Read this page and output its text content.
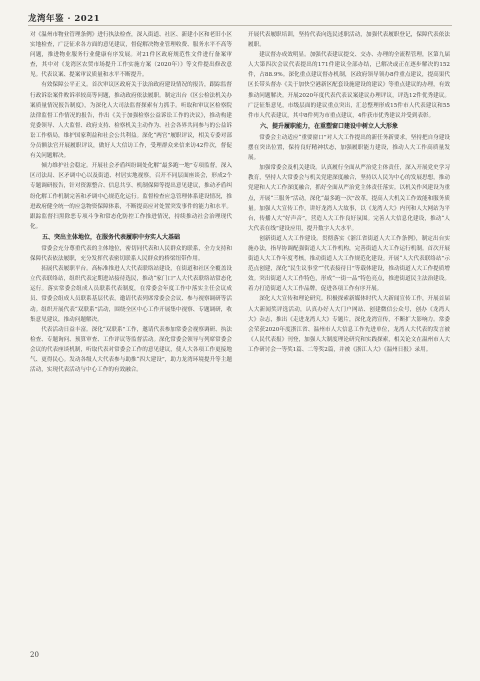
龙湾年鉴 · 2021

对《温州市物业管理条例》进行执法检查，深入街道、社区、新建小区和老旧小区实地检查，广泛征求各方面的意见建议，督促解决物业管理收费、服务水平不高等问题，推进物业服务行业健康有序发展。对21件区政府规范性文件进行备案审查，其中对《龙湾区农贸市场提升工作实施方案（2020年）》等文件提出修改意见。代表议案、提案审议质量和水平不断提升。

有效保障公平正义。首次审议区政府关于法治政府建设情况的报告，跟踪监督行政诉讼案件败诉率较高等问题，推动政府依法履职。制定出台《区公检法机关办案质量情况报告制度》，为深化人大司法监督探索有力抓手。听取和审议区检察院法律监督工作情况的报告，作出《关于加强检察公益诉讼工作的决议》，推动构建党委领导、人大监督、政府支持、检察机关主动作为、社会各界共同参与的公益诉讼工作格局，维护国家利益和社会公共利益。深化“两官”履职评议，相关专委对部分员额法官开展履职评议，做好人大信访工作，受理群众来信来访42件次，督促有关问题解决。

倾力维护社会稳定。开展社会矛盾纠纷调处化解“最多跑一地”专项监督，深入区司法局、区矛调中心以及街道、村居实地视察，召开不同层面座谈会，形成2个专题调研报告，针对资源整合、信息共享、机制保障等提出意见建议，推动矛盾纠纷化解工作机制完善和矛调中心规范化运行。监督检查应急管理体系建设情况，推进政府健全统一的应急物资保障体系，不断提高应对处置突发事件的能力和水平。跟踪监督扫黑除恶专项斗争和常态化防控工作推进情况，持续推动社会治理现代化。

五、突出主体地位，在服务代表履职中夯实人大基础

常委会充分尊重代表的主体地位，密切同代表和人民群众的联系，全力支持和保障代表依法履职，充分发挥代表密切联系人民群众的桥梁纽带作用。

拓展代表履职平台。高标准推进人大代表联络站建设，在街道和社区全覆盖设立代表联络站，组织代表定期进站接待选民，推动“家门口”人大代表联络站常态化运行。落实常委会组成人员联系代表制度，在常委会年度工作中落实主任会议成员、常委会组成人员联系基层代表，邀请代表列席常委会会议、参与视察调研等活动。组织开展代表“双联系”活动，围绕全区中心工作开展集中视察、专题调研，收集意见建议，推动问题解决。

代表活动日益丰富。深化“双联系”工作，邀请代表参加常委会视察调研、执法检查、专题询问、预算审查、工作评议等监督活动。深化常委会领导与列席常委会会议的代表座谈机制，听取代表对常委会工作的意见建议，使人大各项工作更接地气、更得民心。发动各级人大代表参与助推“四大建设”，助力龙湾环境提升等主题活动，实现代表活动与中心工作的有效融合。

开展代表履职培训，坚持代表向选民述职活动，加强代表履职登记，保障代表依法履职。

建议督办成效明显。加强代表建议提交、交办、办理的全流程管理，区第九届人大第四次会议代表提出的171件建议全部办结，已解决或正在逐步解决的152件，占88.9%。深化重点建议督办机制，区政府领导领办8件重点建议，提高果代区长带头督办《关于加快空港新区配套设施建设的建议》等重点建议的办理，有效推动问题解决。开展2020年度代表代表议案建议办理评议，评选12件优秀建议。广泛征集意见，市级层面的建议重点突出，汇总整理形成15件市人代表建议和55件市人代表建议，其中8件列为市重点建议，4件获市优秀建议并受到表彰。

六、提升履职能力，在重塑窗口建设中树立人大形象

常委会主动适应“重要窗口”对人大工作提出的新任务新要求，坚持把自身建设摆在突出位置，保持良好精神状态，加强履职能力建设，推动人大工作高质量发展。

加强常委会及机关建设。认真履行全面从严治党主体责任，深入开展党史学习教育，坚持人大常委会与机关党建深度融合，坚持以人民为中心的发展思想，推动党建和人大工作深度融合，抓好全面从严治党主体责任落实。以机关作风建设为重点，开展“三服务”活动，深化“最多跑一次”改革，提高人大机关工作效能和服务质量。加强人大宣传工作，讲好龙湾人大故事，以《龙湾人大》内刊和人大网站为平台，传播人大“好声音”，营造人大工作良好氛围。完善人大信息化建设，推动“人大代表在线”建设应用，提升数字人大水平。

创新街道人大工作建设。贯彻落实《浙江省街道人大工作条例》，制定出台实施办法，指导协调配强街道人大工作机构，完善街道人大工作运行机制。首次开展街道人大工作年度考核，推动街道人大工作规范化建设。开展“人大代表联络站”示范点创建，深化“民生议事堂”“代表接待日”等载体建设，推动街道人大工作提质增效。突出街道人大工作特色，形成“一街一品”特色亮点，推进街道民主法治建设。着力打造街道人大工作品牌，促进各项工作有序开展。

深化人大宣传和理论研究。积极探索新媒体时代人大新闻宣传工作，开展首届人大新闻奖评选活动，认真办好人大门户网站、创建微信公众号，创办《龙湾人大》杂志，推出《走进龙湾人大》专题片，深化龙湾宣传，不断扩大影响力。常委会荣获2020年度浙江省、温州市人大信息工作先进单位，龙湾人大代表的发言被《人民代表报》刊登，加强人大制度理论研究和实践探索，相关论文在温州市人大工作研讨会一等奖1篇、二等奖2篇，并被《浙江人大》《温州日报》录用。

20
